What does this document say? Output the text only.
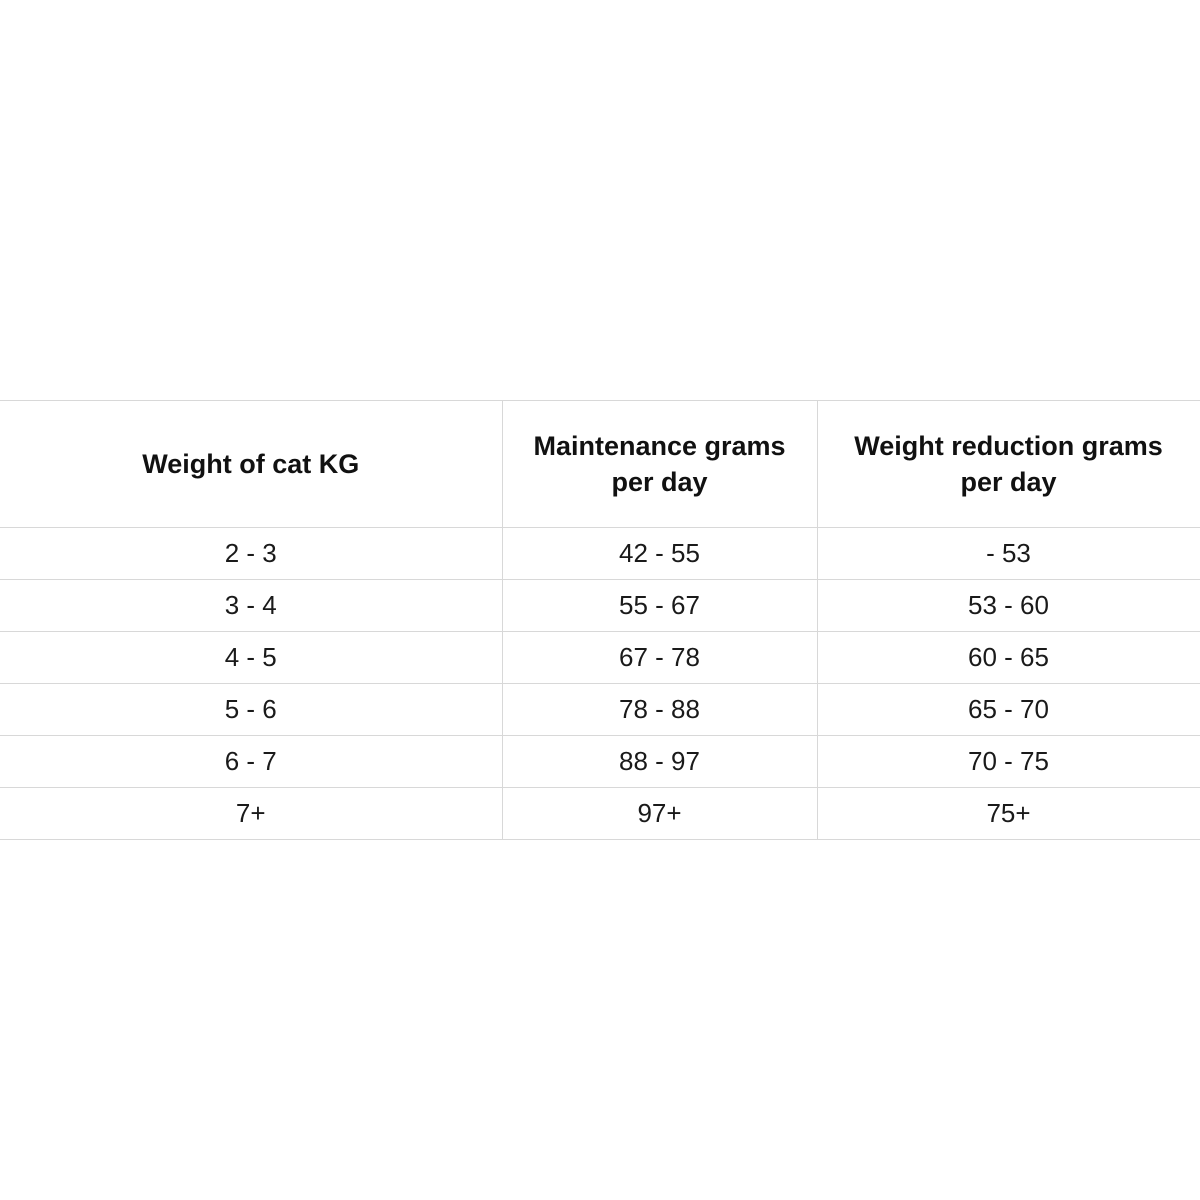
Weight of cat KG	Maintenance grams per day	Weight reduction grams per day

2 - 3	42 - 55	- 53
3 - 4	55 - 67	53 - 60
4 - 5	67 - 78	60 - 65
5 - 6	78 - 88	65 - 70
6 - 7	88 - 97	70 - 75
7+	97+	75+
